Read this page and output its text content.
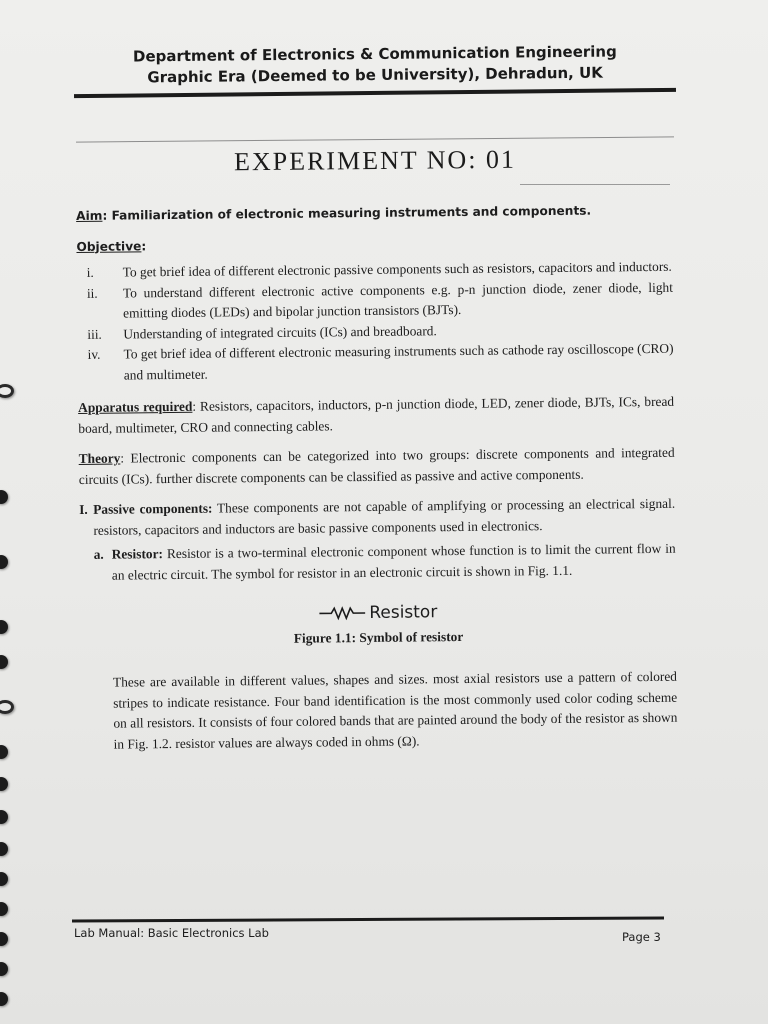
Department of Electronics & Communication Engineering
Graphic Era (Deemed to be University), Dehradun, UK
EXPERIMENT NO: 01
Aim: Familiarization of electronic measuring instruments and components.
Objective:
i.	To get brief idea of different electronic passive components such as resistors, capacitors and inductors.
ii.	To understand different electronic active components e.g. p-n junction diode, zener diode, light emitting diodes (LEDs) and bipolar junction transistors (BJTs).
iii.	Understanding of integrated circuits (ICs) and breadboard.
iv.	To get brief idea of different electronic measuring instruments such as cathode ray oscilloscope (CRO) and multimeter.

Apparatus required: Resistors, capacitors, inductors, p-n junction diode, LED, zener diode, BJTs, ICs, bread board, multimeter, CRO and connecting cables.

Theory: Electronic components can be categorized into two groups: discrete components and integrated circuits (ICs). further discrete components can be classified as passive and active components.

I. Passive components: These components are not capable of amplifying or processing an electrical signal. resistors, capacitors and inductors are basic passive components used in electronics.
a. Resistor: Resistor is a two-terminal electronic component whose function is to limit the current flow in an electric circuit. The symbol for resistor in an electronic circuit is shown in Fig. 1.1.
Resistor
Figure 1.1: Symbol of resistor

These are available in different values, shapes and sizes. most axial resistors use a pattern of colored stripes to indicate resistance. Four band identification is the most commonly used color coding scheme on all resistors. It consists of four colored bands that are painted around the body of the resistor as shown in Fig. 1.2. resistor values are always coded in ohms (Ω).

Lab Manual: Basic Electronics Lab	Page 3
